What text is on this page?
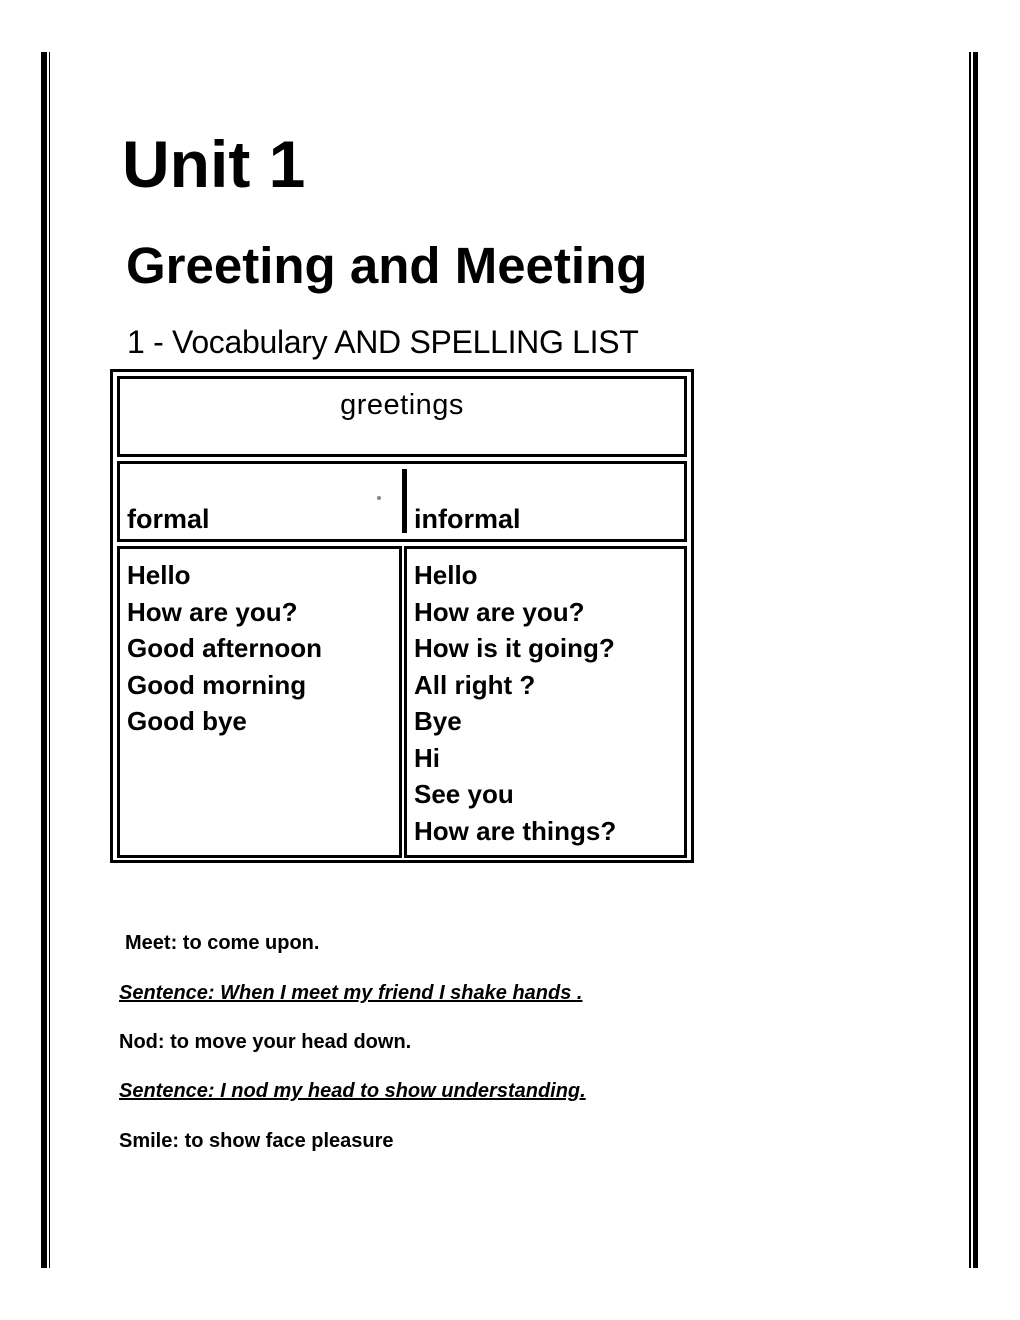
Unit 1
Greeting and Meeting
1 - Vocabulary AND SPELLING LIST
greetings
formal	informal
Hello
How are you?
Good afternoon
Good morning
Good bye
Hello
How are you?
How is it going?
All right ?
Bye
Hi
See you
How are things?

Meet: to come upon.

Sentence: When I meet my friend I shake hands .

Nod: to move your head down.

Sentence: I nod my head to show understanding.

Smile: to show face pleasure
